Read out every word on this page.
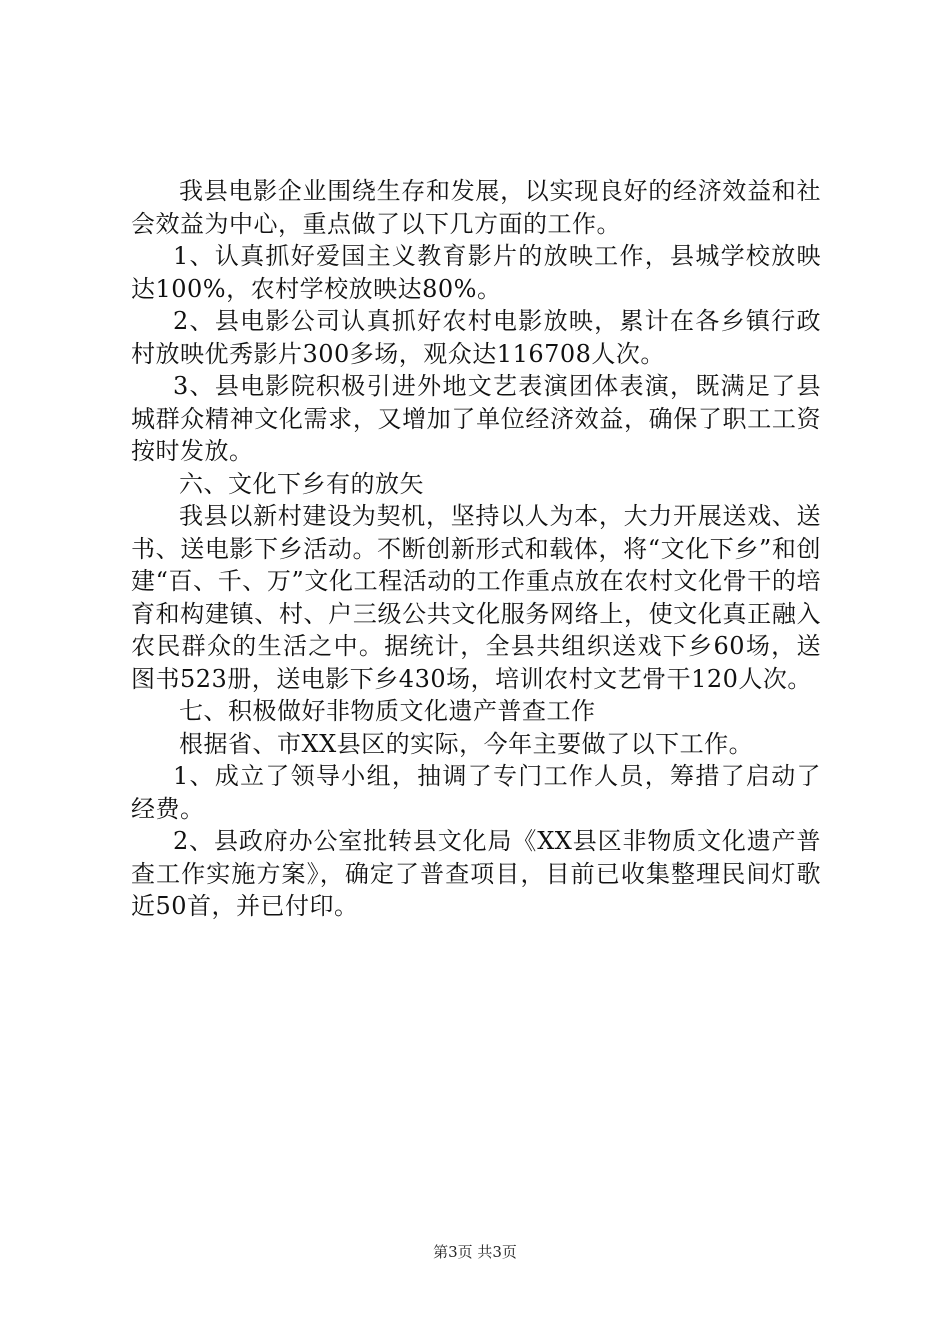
我县电影企业围绕生存和发展，以实现良好的经济效益和社会效益为中心，重点做了以下几方面的工作。

1、认真抓好爱国主义教育影片的放映工作，县城学校放映达100%，农村学校放映达80%。

2、县电影公司认真抓好农村电影放映，累计在各乡镇行政村放映优秀影片300多场，观众达116708人次。

3、县电影院积极引进外地文艺表演团体表演，既满足了县城群众精神文化需求，又增加了单位经济效益，确保了职工工资按时发放。

六、文化下乡有的放矢

我县以新村建设为契机，坚持以人为本，大力开展送戏、送书、送电影下乡活动。不断创新形式和载体，将“文化下乡”和创建“百、千、万”文化工程活动的工作重点放在农村文化骨干的培育和构建镇、村、户三级公共文化服务网络上，使文化真正融入农民群众的生活之中。据统计，全县共组织送戏下乡60场，送图书523册，送电影下乡430场，培训农村文艺骨干120人次。

七、积极做好非物质文化遗产普查工作

根据省、市XX县区的实际，今年主要做了以下工作。

1、成立了领导小组，抽调了专门工作人员，筹措了启动了经费。

2、县政府办公室批转县文化局《XX县区非物质文化遗产普查工作实施方案》，确定了普查项目，目前已收集整理民间灯歌近50首，并已付印。

第3页 共3页
